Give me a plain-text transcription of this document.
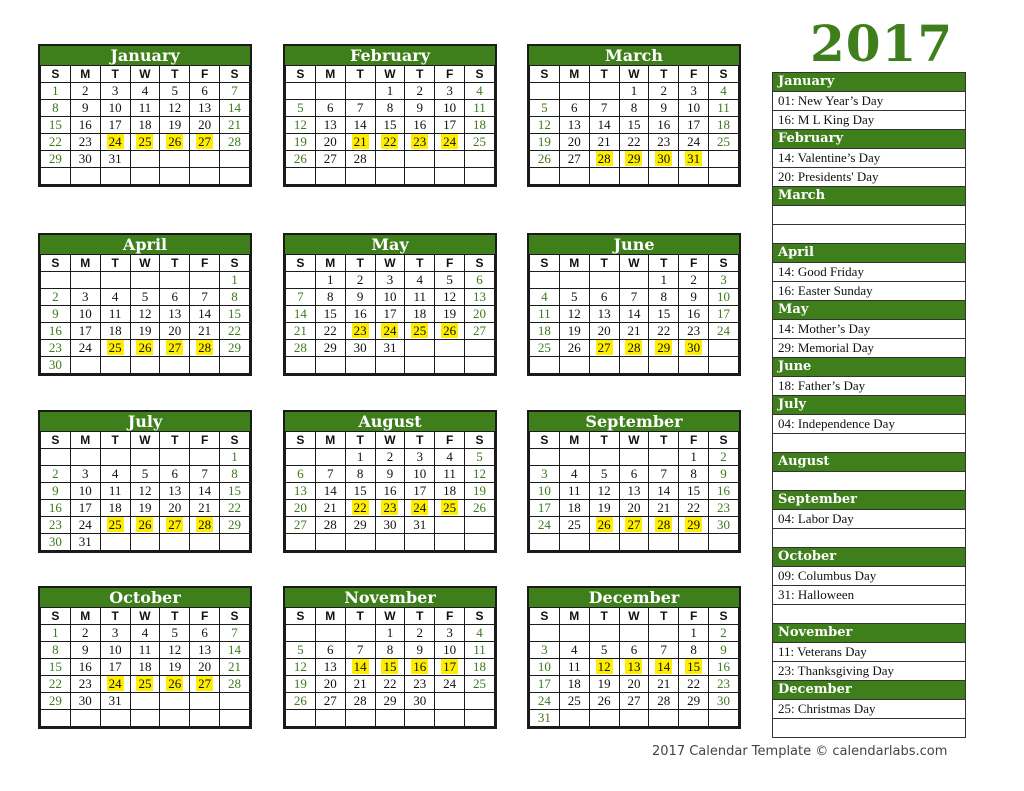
2017
January
S	M	T	W	T	F	S
1	2	3	4	5	6	7
8	9	10	11	12	13	14
15	16	17	18	19	20	21
22	23	24	25	26	27	28
29	30	31				

February
S	M	T	W	T	F	S
			1	2	3	4
5	6	7	8	9	10	11
12	13	14	15	16	17	18
19	20	21	22	23	24	25
26	27	28				

March
S	M	T	W	T	F	S
			1	2	3	4
5	6	7	8	9	10	11
12	13	14	15	16	17	18
19	20	21	22	23	24	25
26	27	28	29	30	31	

April
S	M	T	W	T	F	S
						1
2	3	4	5	6	7	8
9	10	11	12	13	14	15
16	17	18	19	20	21	22
23	24	25	26	27	28	29
30						
May
S	M	T	W	T	F	S
	1	2	3	4	5	6
7	8	9	10	11	12	13
14	15	16	17	18	19	20
21	22	23	24	25	26	27
28	29	30	31			

June
S	M	T	W	T	F	S
				1	2	3
4	5	6	7	8	9	10
11	12	13	14	15	16	17
18	19	20	21	22	23	24
25	26	27	28	29	30	

July
S	M	T	W	T	F	S
						1
2	3	4	5	6	7	8
9	10	11	12	13	14	15
16	17	18	19	20	21	22
23	24	25	26	27	28	29
30	31					
August
S	M	T	W	T	F	S
		1	2	3	4	5
6	7	8	9	10	11	12
13	14	15	16	17	18	19
20	21	22	23	24	25	26
27	28	29	30	31		

September
S	M	T	W	T	F	S
					1	2
3	4	5	6	7	8	9
10	11	12	13	14	15	16
17	18	19	20	21	22	23
24	25	26	27	28	29	30

October
S	M	T	W	T	F	S
1	2	3	4	5	6	7
8	9	10	11	12	13	14
15	16	17	18	19	20	21
22	23	24	25	26	27	28
29	30	31				

November
S	M	T	W	T	F	S
			1	2	3	4
5	6	7	8	9	10	11
12	13	14	15	16	17	18
19	20	21	22	23	24	25
26	27	28	29	30		

December
S	M	T	W	T	F	S
					1	2
3	4	5	6	7	8	9
10	11	12	13	14	15	16
17	18	19	20	21	22	23
24	25	26	27	28	29	30
31						
January
01: New Year’s Day
16: M L King Day
February
14: Valentine’s Day
20: Presidents' Day
March
April
14: Good Friday
16: Easter Sunday
May
14: Mother’s Day
29: Memorial Day
June
18: Father’s Day
July
04: Independence Day
August
September
04: Labor Day
October
09: Columbus Day
31: Halloween
November
11: Veterans Day
23: Thanksgiving Day
December
25: Christmas Day
2017 Calendar Template © calendarlabs.com
